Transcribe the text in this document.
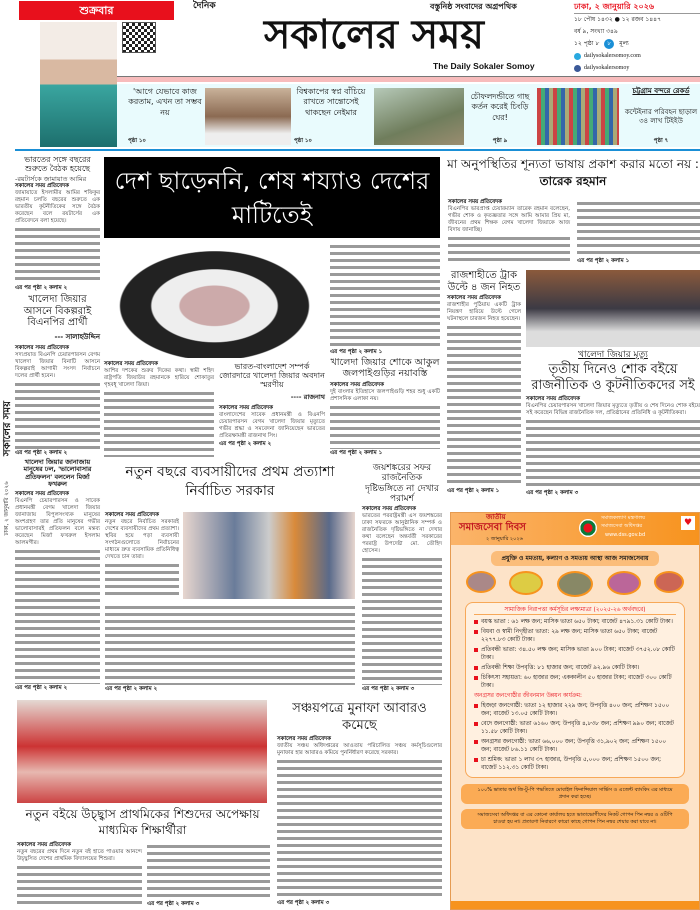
শুক্রবার	দৈনিক	বস্তুনিষ্ঠ সংবাদের অগ্রপথিক
সকালের সময়
The Daily Sokaler Somoy
ঢাকা, ২ জানুয়ারি ২০২৬
১৮ পৌষ ১৪৩২ ● ১২ রজব ১৪৪৭
বর্ষ ৯, সংখ্যা ৩৪৯
১২ পৃষ্ঠা ৮	৮	মূল্য
dailysokalersomoy.com
dailysokalersomoy
'আগে যেভাবে কাজ করতাম, এখন তা সম্ভব নয়
পৃষ্ঠা ১০
বিশ্বকাপের স্বপ্ন বাঁচিয়ে রাখতে সান্তোসেই থাকছেন নেইমার
পৃষ্ঠা ১০
চৌফলদন্ডীতে গাছ কর্তন করেই চিংড়ি ঘের!
পৃষ্ঠা ৯
চট্টগ্রাম বন্দরে রেকর্ড
কন্টেইনার পরিবহন ছাড়াল ৩৪ লাখ টিইইউ
পৃষ্ঠা ৭
ভারতের সঙ্গে বছরের শুরুতে বৈঠক হয়েছে
-রয়টার্সকে জামায়াত আমির
সকালের সময় প্রতিবেদক
জামায়াতে ইসলামীর আমির শফিকুর রহমান চলতি বছরের শুরুতে এক ভারতীয় কূটনীতিকের সঙ্গে বৈঠক করেছেন বলে রয়টার্সের এক প্রতিবেদনে বলা হয়েছে।
এর পর পৃষ্ঠা ২ কলাম ২
খালেদা জিয়ার আসনে বিকল্পরাই বিএনপির প্রার্থী
--- সালাহউদ্দিন
সকালের সময় প্রতিবেদক
সদ্যপ্রয়াত বিএনপি চেয়ারপারসন বেগম খালেদা জিয়ার বিনাটি আসনে বিকল্পরাই আগামী সংসদ নির্বাচনে দলের প্রার্থী হবেন।
এর পর পৃষ্ঠা ২ কলাম ২
খালেদা জিয়ার জানাজায় মানুষের ঢল, 'ভালোবাসার প্রতিফলন' বললেন মির্জা ফখরুল
সকালের সময় প্রতিবেদক
বিএনপি চেয়ারপারসন ও সাবেক প্রধানমন্ত্রী বেগম খালেদা জিয়ার জানাজায় বিপুলসংখ্যক মানুষের অংশগ্রহণ তার প্রতি মানুষের গভীর ভালোবাসারই প্রতিফলন বলে মন্তব্য করেছেন মির্জা ফখরুল ইসলাম আলমগীর।
এর পর পৃষ্ঠা ২ কলাম ২
সকালের সময়
ঢাকা, ২ জানুয়ারি ২০২৬
দেশ ছাড়েননি, শেষ শয্যাও দেশের মাটিতেই
সকালের সময় প্রতিবেদক
আশির দশকের শুরুর দিকের কথা। স্বামী শহিদ রাষ্ট্রপতি জিয়াউর রহমানকে হারিয়ে শোকাতুর গৃহবধূ খালেদা জিয়া।
ভারত-বাংলাদেশ সম্পর্ক জোরদারে খালেদা জিয়ার অবদান স্মরণীয়
---- রাজনাথ
সকালের সময় প্রতিবেদক
বাংলাদেশের সাবেক প্রধানমন্ত্রী ও বিএনপি চেয়ারপারসন বেগম খালেদা জিয়ার মৃত্যুতে গভীর শ্রদ্ধা ও সমবেদনা জানিয়েছেন ভারতের প্রতিরক্ষামন্ত্রী রাজনাথ সিং।
এর পর পৃষ্ঠা ২ কলাম ২
এর পর পৃষ্ঠা ২ কলাম ১
খালেদা জিয়ার শোকে আকুল জলপাইগুড়ির নয়াবস্তি
সকালের সময় প্রতিবেদক
দুই বাংলার ইতিহাসে জলপাইগুড়ি শহর শুধু একটি প্রশাসনিক এলাকা নয়।
এর পর পৃষ্ঠা ২ কলাম ১
মা অনুপস্থিতির শূন্যতা ভাষায় প্রকাশ করার মতো নয় : তারেক রহমান
সকালের সময় প্রতিবেদক
বিএনপির ভারপ্রাপ্ত চেয়ারম্যান তারেক রহমান বলেছেন, গভীর শোক ও কৃতজ্ঞতার সঙ্গে আমি আমার প্রিয় মা, জীবনের প্রথম শিক্ষক বেগম খালেদা জিয়াকে আজ বিদায় জানাচ্ছি।
এর পর পৃষ্ঠা ২ কলাম ১
রাজশাহীতে ট্রাক উল্টে ৪ জন নিহত
সকালের সময় প্রতিবেদক
রাজশাহীর পুঠিয়ায় একটি ট্রাক নিয়ন্ত্রণ হারিয়ে উল্টে গেলে ঘটনাস্থলে চারজন নিহত হয়েছেন।
এর পর পৃষ্ঠা ২ কলাম ১
খালেদা জিয়ার মৃত্যু
তৃতীয় দিনেও শোক বইয়ে রাজনীতিক ও কূটনীতিকদের সই
সকালের সময় প্রতিবেদক
বিএনপির চেয়ারপারসন খালেদা জিয়ার মৃত্যুতে তৃতীয় ও শেষ দিনেও শোক বইয়ে সই করেছেন বিভিন্ন রাজনৈতিক দল, প্রতিষ্ঠানের প্রতিনিধি ও কূটনীতিকরা।
এর পর পৃষ্ঠা ২ কলাম ৩
নতুন বছরে ব্যবসায়ীদের প্রথম প্রত্যাশা নির্বাচিত সরকার
সকালের সময় প্রতিবেদক
নতুন বছরে নির্বাচিত সরকারই দেশের ব্যবসায়ীদের প্রথম প্রত্যাশা। স্থবির হয়ে পড়া ব্যবসায়ী সংগঠনগুলোতে নির্বাচনের মাধ্যমে দ্রুত ব্যবসায়িক প্রতিনিধিত্ব দেখতে চান তারা।
এর পর পৃষ্ঠা ২ কলাম ২
জয়শঙ্করের সফর রাজনৈতিক দৃষ্টিভঙ্গিতে না দেখার পরামর্শ
সকালের সময় প্রতিবেদক
ভারতের পররাষ্ট্রমন্ত্রী এস জয়শঙ্করের ঢাকা সফরকে আনুষ্ঠানিক সম্পর্ক ও রাজনৈতিক দৃষ্টিভঙ্গিতে না দেখার কথা বলেছেন অন্তর্বর্তী সরকারের পররাষ্ট্র উপদেষ্টা মো. তৌহিদ হোসেন।
এর পর পৃষ্ঠা ২ কলাম ৩
জাতীয়
সমাজসেবা দিবস
২ জানুয়ারি ২০২৬
সমাজকল্যাণ মন্ত্রণালয়
সমাজসেবা অধিদপ্তর
www.dss.gov.bd
♥
প্রযুক্তি ও মমতায়, কল্যাণ ও সমতায় আস্থা আজ সমাজসেবায়
সামাজিক নিরাপত্তা কর্মসূচির লক্ষ্যমাত্রা (২০২৫-২৬ অর্থবছরে)
বয়স্ক ভাতা : ৬১ লক্ষ জন; মাসিক ভাতা ৬৫০ টাকা; বাজেট ৪৭৯১.৩১ কোটি টাকা।
বিধবা ও স্বামী নিগৃহীতা ভাতা: ২৯ লক্ষ জন; মাসিক ভাতা ৬৫০ টাকা; বাজেট ২২৭৭.৮৩ কোটি টাকা।
প্রতিবন্ধী ভাতা: ৩৪.৫০ লক্ষ জন; মাসিক ভাতা ৯০০ টাকা; বাজেট ৩৭৫২.০৮ কোটি টাকা।
প্রতিবন্ধী শিক্ষা উপবৃত্তি: ৮১ হাজার জন; বাজেট ৯২.৯৬ কোটি টাকা।
চিকিৎসা সহায়তা: ৬০ হাজার জন; এককালীন ৫০ হাজার টাকা; বাজেট ৩০০ কোটি টাকা।
অনগ্রসর জনগোষ্ঠীর জীবনমান উন্নয়ন কার্যক্রম:
হিজড়া জনগোষ্ঠী: ভাতা ১২ হাজার ২২৯ জন; উপবৃত্তি ৪০০ জন; প্রশিক্ষণ ১৫০০ জন; বাজেট ১৩.০৫ কোটি টাকা।
বেদে জনগোষ্ঠী: ভাতা ৬১৬০ জন; উপবৃত্তি ৪,৮৩৮ জন; প্রশিক্ষণ ৯৯০ জন; বাজেট ১১.৫৮ কোটি টাকা।
অনগ্রসর জনগোষ্ঠী: ভাতা ৬৬,০০০ জন; উপবৃত্তি ৩১,৯০২ জন; প্রশিক্ষণ ১৫০০ জন; বাজেট ৮৬.১১ কোটি টাকা।
চা শ্রমিক: ভাতা ১ লাখ ৩৭ হাজার, উপবৃত্তি ৫,০০০ জন; প্রশিক্ষণ ১৫০০ জন; বাজেট ১১২.৩১ কোটি টাকা।
১০০% ভাতার অর্থ জি-টু-পি পদ্ধতিতে মোবাইল ফিনান্সিয়াল সার্ভিস ও এজেন্ট ব্যাংকিং এর মাধ্যমে প্রদান করা হচ্ছে।
সমাজসেবা অধিদপ্তর বা এর কোনো কার্যালয় হতে ভাতাভোগীদের নিকট গোপন পিন নম্বর ও ওটিপি চাওয়া হয় না। প্রতারণা নিবারণে কারো কাছে গোপন পিন নম্বর শেয়ার করা যাবে না।
নতুন বইয়ে উচ্ছ্বাস প্রাথমিকের শিশুদের অপেক্ষায় মাধ্যমিক শিক্ষার্থীরা
সকালের সময় প্রতিবেদক
নতুন বছরের প্রথম দিনে নতুন বই হাতে পাওয়ার আনন্দে উচ্ছ্বসিত দেশের প্রাথমিক বিদ্যালয়ের শিশুরা।
এর পর পৃষ্ঠা ২ কলাম ৩
সঞ্চয়পত্রে মুনাফা আবারও কমেছে
সকালের সময় প্রতিবেদক
জাতীয় সঞ্চয় অধিদপ্তরের আওতায় পরিচালিত সঞ্চয় কর্মসূচিগুলোর মুনাফার হার আবারও কমিয়ে পুনর্নির্ধারণ করেছে সরকার।
এর পর পৃষ্ঠা ২ কলাম ৩
